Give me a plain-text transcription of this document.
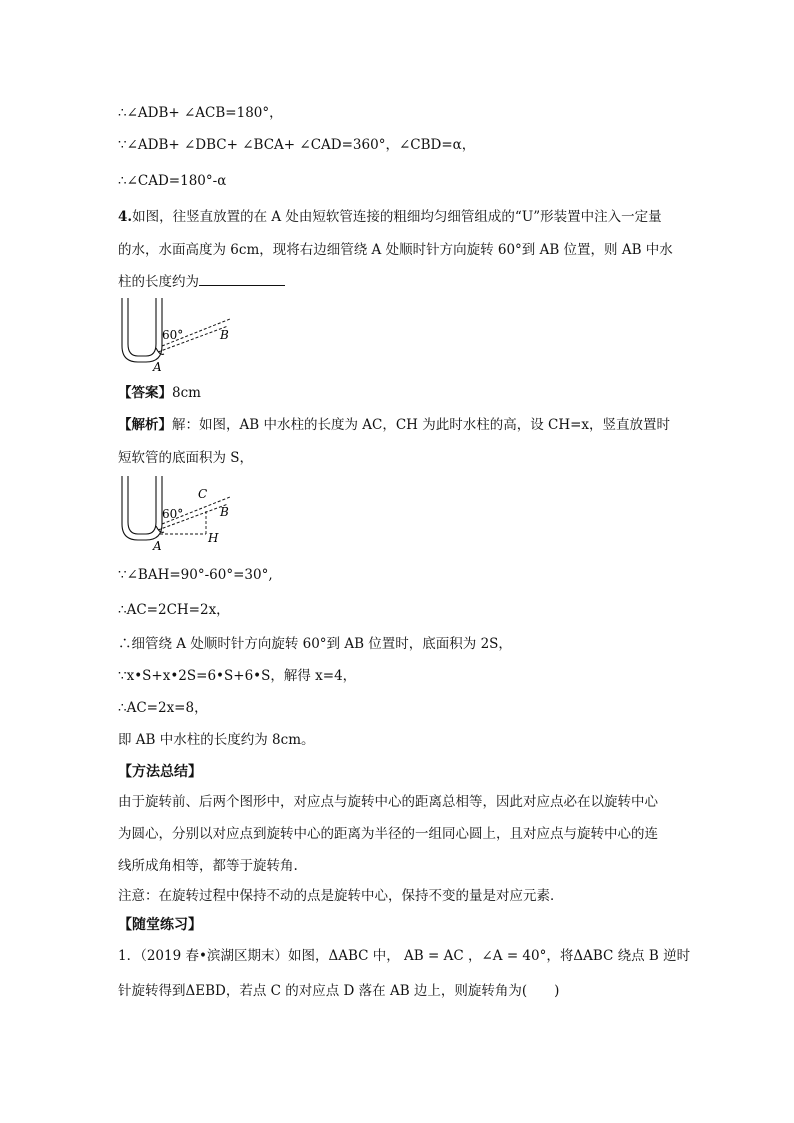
∴∠ADB+ ∠ACB=180°，
∵∠ADB+ ∠DBC+ ∠BCA+ ∠CAD=360°，∠CBD=α，
∴∠CAD=180°-α
4.如图，往竖直放置的在 A 处由短软管连接的粗细均匀细管组成的“U”形装置中注入一定量
的水，水面高度为 6cm，现将右边细管绕 A 处顺时针方向旋转 60°到 AB 位置，则 AB 中水
柱的长度约为
60°	B
A
【答案】8cm
【解析】解：如图，AB 中水柱的长度为 AC，CH 为此时水柱的高，设 CH=x，竖直放置时
短软管的底面积为 S，
60°
C
B
H
A
∵∠BAH=90°-60°=30°,
∴AC=2CH=2x，
∴细管绕 A 处顺时针方向旋转 60°到 AB 位置时，底面积为 2S，
∵x•S+x•2S=6•S+6•S，解得 x=4，
∴AC=2x=8，
即 AB 中水柱的长度约为 8cm。
【方法总结】
由于旋转前、后两个图形中，对应点与旋转中心的距离总相等，因此对应点必在以旋转中心
为圆心，分别以对应点到旋转中心的距离为半径的一组同心圆上，且对应点与旋转中心的连
线所成角相等，都等于旋转角.
注意：在旋转过程中保持不动的点是旋转中心，保持不变的量是对应元素．
【随堂练习】
1．（2019 春•滨湖区期末）如图，ΔABC 中， AB = AC ，∠A = 40°，将ΔABC 绕点 B 逆时
针旋转得到ΔEBD，若点 C 的对应点 D 落在 AB 边上，则旋转角为(　　)
